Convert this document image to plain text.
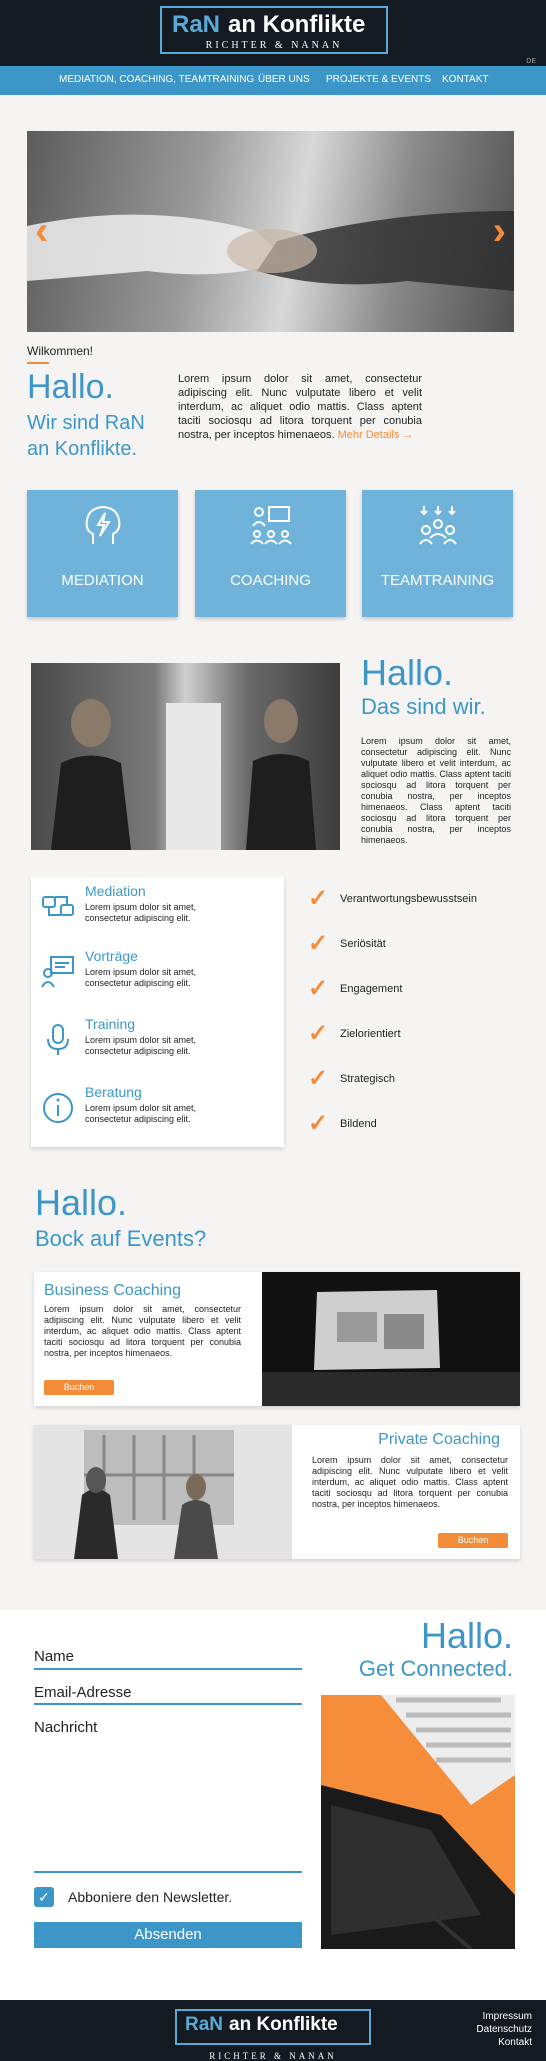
RaN an Konflikte
RICHTER & NANAN
DE
MEDIATION, COACHING, TEAMTRAINING ÜBER UNS PROJEKTE & EVENTS KONTAKT
‹	›
Wilkommen!
Hallo.
Wir sind RaN an Konflikte.

Lorem ipsum dolor sit amet, consectetur adipiscing elit. Nunc vulputate libero et velit interdum, ac aliquet odio mattis. Class aptent taciti sociosqu ad litora torquent per conubia nostra, per inceptos himenaeos. Mehr Details →

MEDIATION	COACHING	TEAMTRAINING
Hallo.
Das sind wir.

Lorem ipsum dolor sit amet, consectetur adipiscing elit. Nunc vulputate libero et velit interdum, ac aliquet odio mattis. Class aptent taciti sociosqu ad litora torquent per conubia nostra, per inceptos himenaeos. Class aptent taciti sociosqu ad litora torquent per conubia nostra, per inceptos himenaeos.

Mediation
Lorem ipsum dolor sit amet, consectetur adipiscing elit.
Vorträge
Lorem ipsum dolor sit amet, consectetur adipiscing elit.
Training
Lorem ipsum dolor sit amet, consectetur adipiscing elit.
Beratung
Lorem ipsum dolor sit amet, consectetur adipiscing elit.
✓ Verantwortungsbewusstsein
✓ Seriösität
✓ Engagement
✓ Zielorientiert
✓ Strategisch
✓ Bildend
Hallo.
Bock auf Events?
Business Coaching

Lorem ipsum dolor sit amet, consectetur adipiscing elit. Nunc vulputate libero et velit interdum, ac aliquet odio mattis. Class aptent taciti sociosqu ad litora torquent per conubia nostra, per inceptos himenaeos.

Buchen
Private Coaching

Lorem ipsum dolor sit amet, consectetur adipiscing elit. Nunc vulputate libero et velit interdum, ac aliquet odio mattis. Class aptent taciti sociosqu ad litora torquent per conubia nostra, per inceptos himenaeos.

Buchen
Hallo.
Get Connected.
Name
Email-Adresse
Nachricht
✓ Abboniere den Newsletter.
Absenden
RaN an Konflikte
RICHTER & NANAN
Impressum
Datenschutz
Kontakt
